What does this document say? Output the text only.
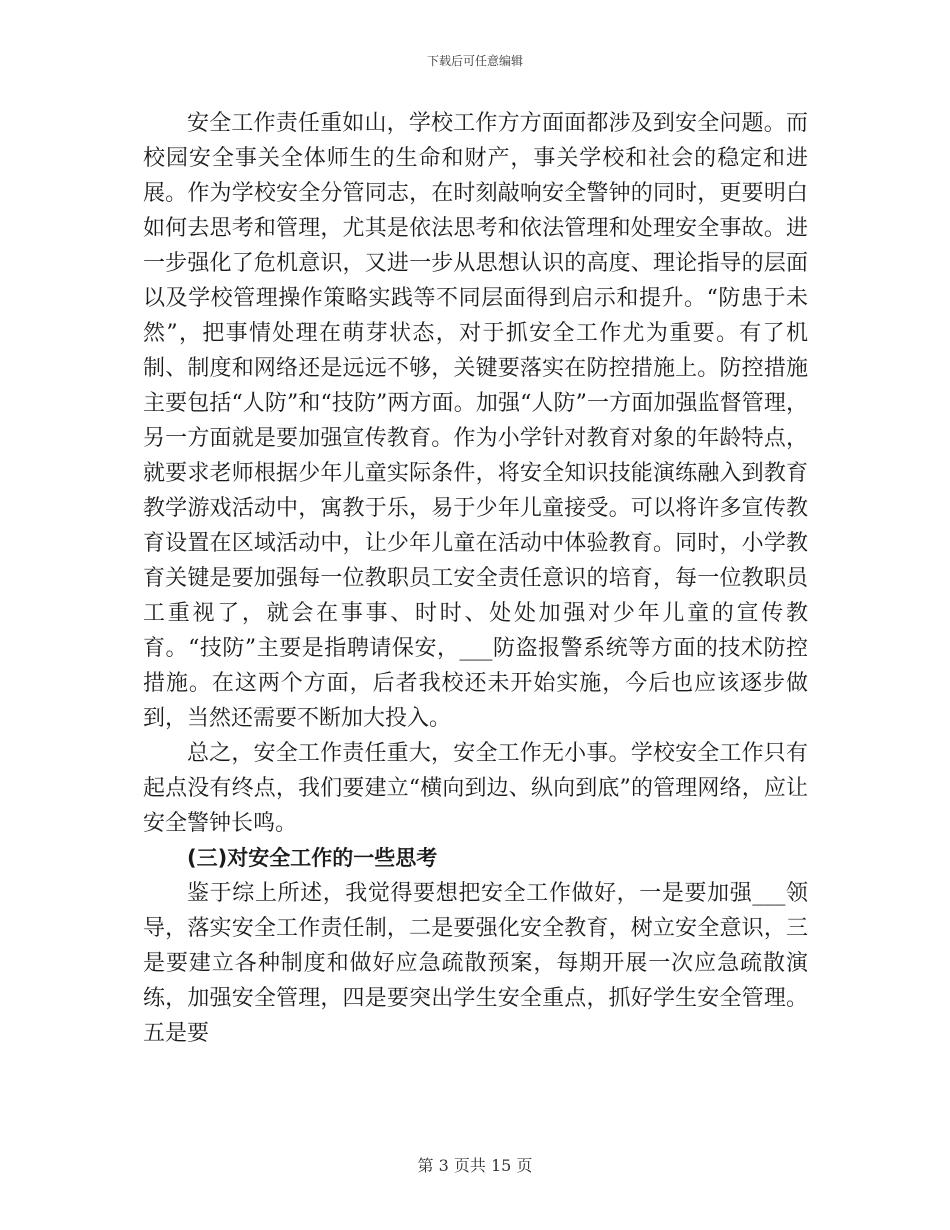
下载后可任意编辑

安全工作责任重如山，学校工作方方面面都涉及到安全问题。而校园安全事关全体师生的生命和财产，事关学校和社会的稳定和进展。作为学校安全分管同志，在时刻敲响安全警钟的同时，更要明白如何去思考和管理，尤其是依法思考和依法管理和处理安全事故。进一步强化了危机意识，又进一步从思想认识的高度、理论指导的层面以及学校管理操作策略实践等不同层面得到启示和提升。“防患于未然”，把事情处理在萌芽状态，对于抓安全工作尤为重要。有了机制、制度和网络还是远远不够，关键要落实在防控措施上。防控措施主要包括“人防”和“技防”两方面。加强“人防”一方面加强监督管理，另一方面就是要加强宣传教育。作为小学针对教育对象的年龄特点，就要求老师根据少年儿童实际条件，将安全知识技能演练融入到教育教学游戏活动中，寓教于乐，易于少年儿童接受。可以将许多宣传教育设置在区域活动中，让少年儿童在活动中体验教育。同时，小学教育关键是要加强每一位教职员工安全责任意识的培育，每一位教职员工重视了，就会在事事、时时、处处加强对少年儿童的宣传教育。“技防”主要是指聘请保安，___防盗报警系统等方面的技术防控措施。在这两个方面，后者我校还未开始实施，今后也应该逐步做到，当然还需要不断加大投入。

总之，安全工作责任重大，安全工作无小事。学校安全工作只有起点没有终点，我们要建立“横向到边、纵向到底”的管理网络，应让安全警钟长鸣。

(三)对安全工作的一些思考

鉴于综上所述，我觉得要想把安全工作做好，一是要加强___领导，落实安全工作责任制，二是要强化安全教育，树立安全意识，三是要建立各种制度和做好应急疏散预案，每期开展一次应急疏散演练，加强安全管理，四是要突出学生安全重点，抓好学生安全管理。五是要

第 3 页共 15 页
